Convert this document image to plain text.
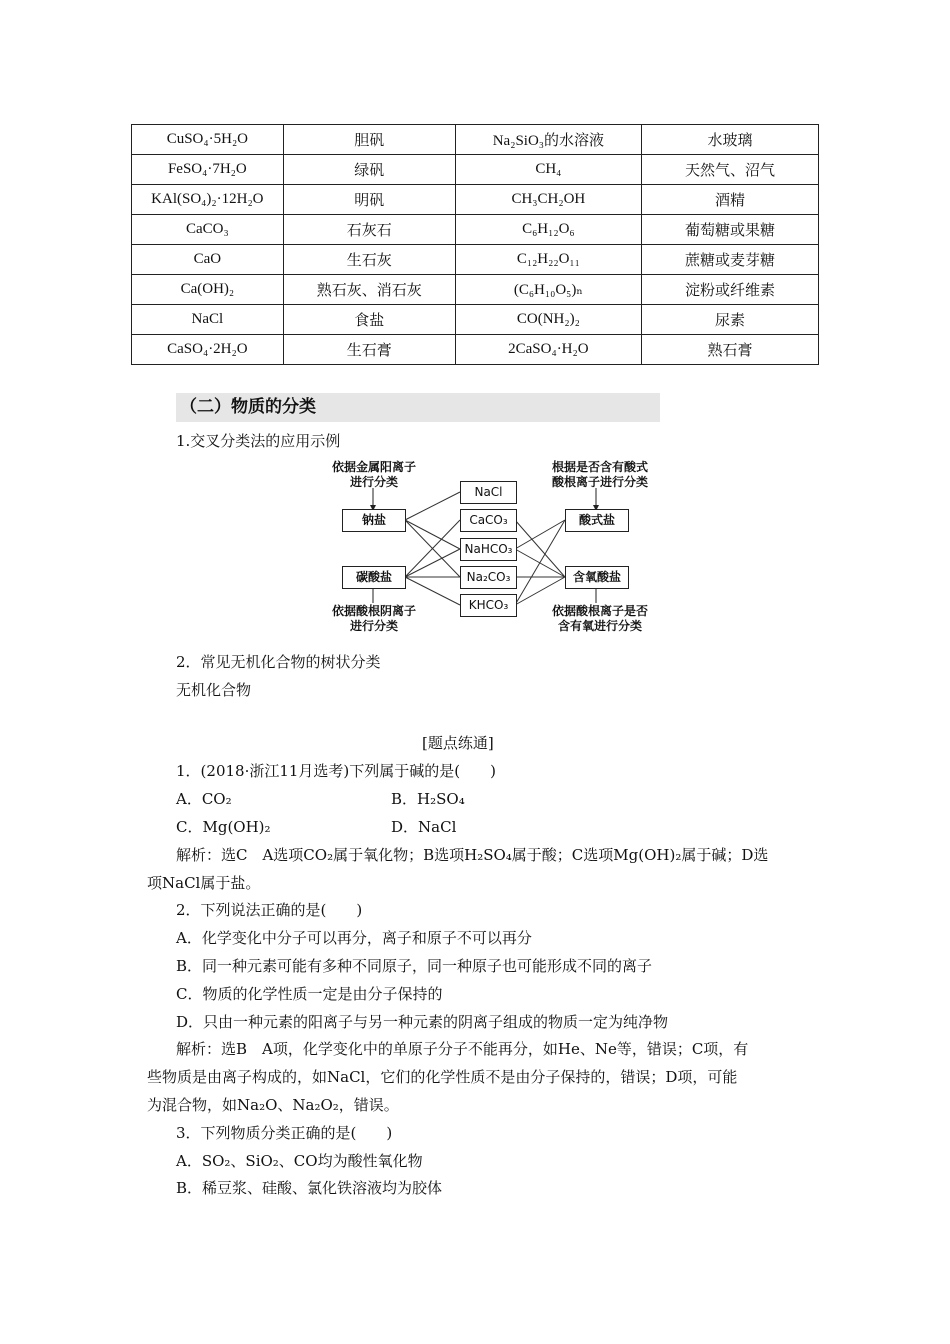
CuSO₄·5H₂O	胆矾	Na₂SiO₃的水溶液	水玻璃
FeSO₄·7H₂O	绿矾	CH₄	天然气、沼气
KAl(SO₄)₂·12H₂O	明矾	CH₃CH₂OH	酒精
CaCO₃	石灰石	C₆H₁₂O₆	葡萄糖或果糖
CaO	生石灰	C₁₂H₂₂O₁₁	蔗糖或麦芽糖
Ca(OH)₂	熟石灰、消石灰	(C₆H₁₀O₅)ₙ	淀粉或纤维素
NaCl	食盐	CO(NH₂)₂	尿素
CaSO₄·2H₂O	生石膏	2CaSO₄·H₂O	熟石膏
（二）物质的分类
1.交叉分类法的应用示例
依据金属阳离子
进行分类
依据酸根阴离子
进行分类
根据是否含有酸式
酸根离子进行分类
依据酸根离子是否
含有氧进行分类
钠盐
碳酸盐
酸式盐
含氧酸盐
NaCl
CaCO₃
NaHCO₃
Na₂CO₃
KHCO₃
2．常见无机化合物的树状分类
无机化合物
[题点练通]
1．(2018·浙江11月选考)下列属于碱的是(　　)
A．CO₂	B．H₂SO₄
C．Mg(OH)₂	D．NaCl
解析：选C　A选项CO₂属于氧化物；B选项H₂SO₄属于酸；C选项Mg(OH)₂属于碱；D选
项NaCl属于盐。
2．下列说法正确的是(　　)
A．化学变化中分子可以再分，离子和原子不可以再分
B．同一种元素可能有多种不同原子，同一种原子也可能形成不同的离子
C．物质的化学性质一定是由分子保持的
D．只由一种元素的阳离子与另一种元素的阴离子组成的物质一定为纯净物
解析：选B　A项，化学变化中的单原子分子不能再分，如He、Ne等，错误；C项，有
些物质是由离子构成的，如NaCl，它们的化学性质不是由分子保持的，错误；D项，可能
为混合物，如Na₂O、Na₂O₂，错误。
3．下列物质分类正确的是(　　)
A．SO₂、SiO₂、CO均为酸性氧化物
B．稀豆浆、硅酸、氯化铁溶液均为胶体
